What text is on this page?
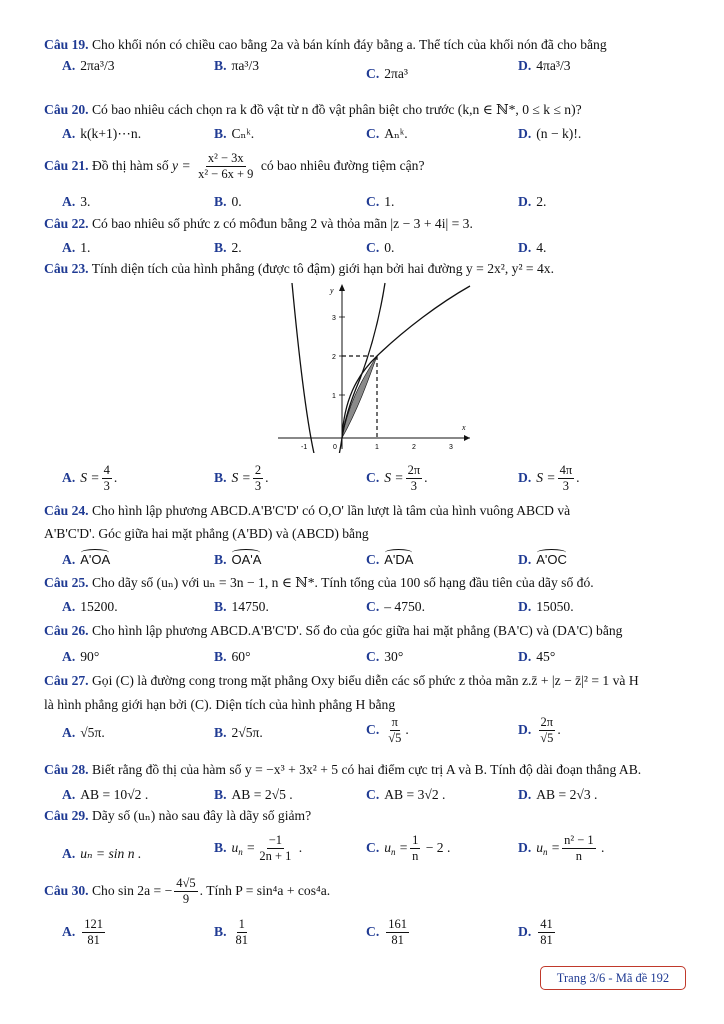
Câu 19. Cho khối nón có chiều cao bằng 2a và bán kính đáy bằng a. Thể tích của khối nón đã cho bằng
A. 2πa³/3	B. πa³/3
C. 2πa³
D. 4πa³/3
Câu 20. Có bao nhiêu cách chọn ra k đồ vật từ n đồ vật phân biệt cho trước (k,n ∈ ℕ*, 0 ≤ k ≤ n)?
A. k(k+1)⋯n.	B. Cₙᵏ.	C. Aₙᵏ.	D. (n − k)!.
Câu 21. Đồ thị hàm số $y = \frac{\text{x² − 3x}}{\text{x² − 6x + 9}}$ có bao nhiêu đường tiệm cận?
A. 3.	B. 0.	C. 1.	D. 2.
Câu 22. Có bao nhiêu số phức z có môđun bằng 2 và thỏa mãn |z − 3 + 4i| = 3.
A. 1.	B. 2.	C. 0.	D. 4.
Câu 23. Tính diện tích của hình phẳng (được tô đậm) giới hạn bởi hai đường y = 2x², y² = 4x.
y
x
3
2
1
-1	0	1	2	3
A. $S = \frac{4}{3}$ .	B. $S = \frac{2}{3}$ .	C. $S = \frac{2\pi}{3}$ .	D. $S = \frac{4\pi}{3}$ .
Câu 24. Cho hình lập phương ABCD.A'B'C'D' có O,O' lần lượt là tâm của hình vuông ABCD và
A'B'C'D'. Góc giữa hai mặt phẳng (A'BD) và (ABCD) bằng
A. A'OA	B. OA'A	C. A'DA	D. A'OC
Câu 25. Cho dãy số (uₙ) với uₙ = 3n − 1, n ∈ ℕ*. Tính tổng của 100 số hạng đầu tiên của dãy số đó.
A. 15200.	B. 14750.	C. – 4750.	D. 15050.
Câu 26. Cho hình lập phương ABCD.A'B'C'D'. Số đo của góc giữa hai mặt phẳng (BA'C) và (DA'C) bằng
A. 90°	B. 60°	C. 30°	D. 45°
Câu 27. Gọi (C) là đường cong trong mặt phẳng Oxy biểu diễn các số phức z thỏa mãn z.z̄ + |z − z̄|² = 1 và H
là hình phẳng giới hạn bởi (C). Diện tích của hình phẳng H bằng
A. √5π.	B. 2√5π.	C. $\frac{\pi}{√5}$ .	D. $\frac{2\pi}{√5}$ .
Câu 28. Biết rằng đồ thị của hàm số y = −x³ + 3x² + 5 có hai điểm cực trị A và B. Tính độ dài đoạn thẳng AB.
A. AB = 10√2 .	B. AB = 2√5 .	C. AB = 3√2 .	D. AB = 2√3 .
Câu 29. Dãy số (uₙ) nào sau đây là dãy số giảm?
A. uₙ = sin n .	B. $u_n = \frac{-1}{2n + 1}$ .	C. $u_n = \frac{1}{n} - 2$ .	D. $u_n = \frac{\text{n² − 1}}{n}$ .
Câu 30. Cho sin 2a = − $\frac{4√5}{9}$ . Tính P = sin⁴a + cos⁴a.
A. $\frac{121}{81}$	B. $\frac{1}{81}$	C. $\frac{161}{81}$	D. $\frac{41}{81}$
Trang 3/6 - Mã đề 192
